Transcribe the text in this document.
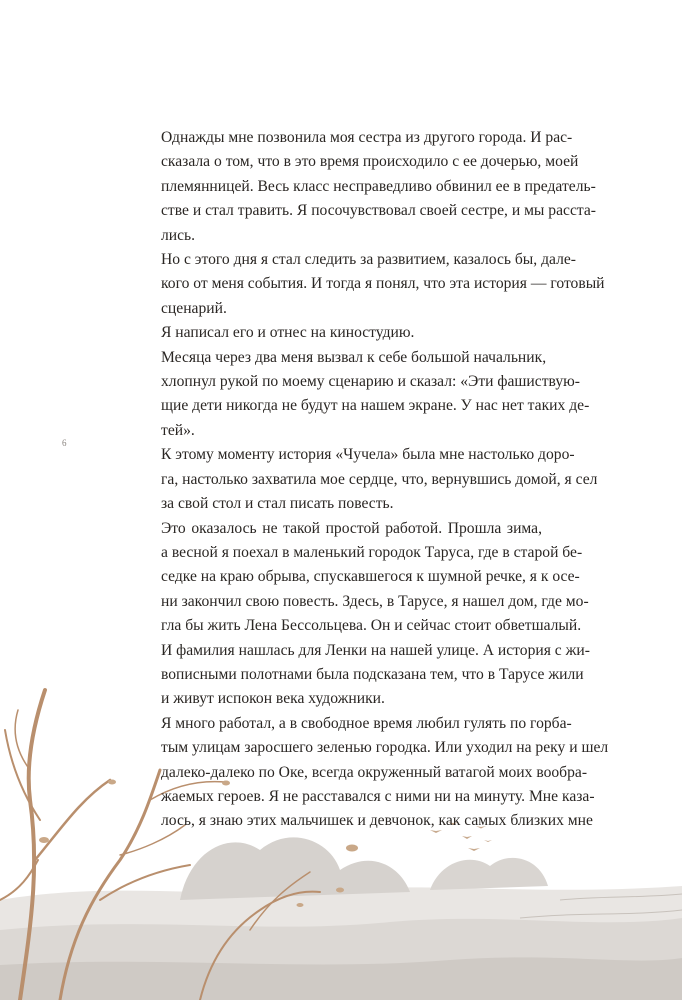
Однажды мне позвонила моя сестра из другого города. И рас-
сказала о том, что в это время происходило с ее дочерью, моей
племянницей. Весь класс несправедливо обвинил ее в предатель-
стве и стал травить. Я посочувствовал своей сестре, и мы расста-
лись.

Но с этого дня я стал следить за развитием, казалось бы, дале-
кого от меня события. И тогда я понял, что эта история — готовый
сценарий.

Я написал его и отнес на киностудию.

Месяца через два меня вызвал к себе большой начальник,
хлопнул рукой по моему сценарию и сказал: «Эти фашиствую-
щие дети никогда не будут на нашем экране. У нас нет таких де-
тей».

К этому моменту история «Чучела» была мне настолько доро-
га, настолько захватила мое сердце, что, вернувшись домой, я сел
за свой стол и стал писать повесть.

Это оказалось не такой простой работой. Прошла зима,
а весной я поехал в маленький городок Таруса, где в старой бе-
седке на краю обрыва, спускавшегося к шумной речке, я к осе-
ни закончил свою повесть. Здесь, в Тарусе, я нашел дом, где мо-
гла бы жить Лена Бессольцева. Он и сейчас стоит обветшалый.
И фамилия нашлась для Ленки на нашей улице. А история с жи-
вописными полотнами была подсказана тем, что в Тарусе жили
и живут испокон века художники.

Я много работал, а в свободное время любил гулять по горба-
тым улицам заросшего зеленью городка. Или уходил на реку и шел
далеко-далеко по Оке, всегда окруженный ватагой моих вообра-
жаемых героев. Я не расставался с ними ни на минуту. Мне каза-
лось, я знаю этих мальчишек и девчонок, как самых близких мне

6
